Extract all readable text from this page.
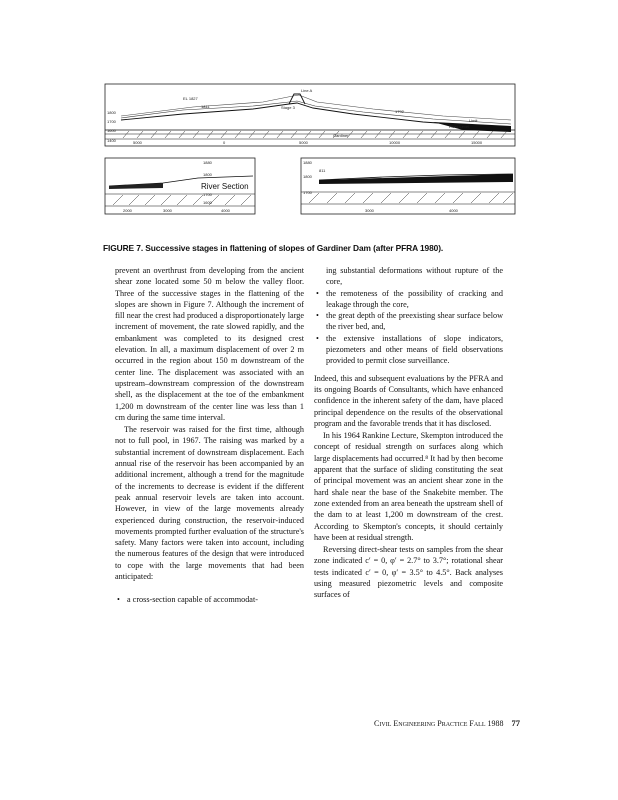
EL 1827
Line A
1811	Stage 3
1792
River Level
Gardiner
Limit
1800
1700
1600
1400	5000	0	5000	10000	15000
River Section
1880
1800
1700
1600
2000	3000	4000
811
1880
1800
1700
3000	4000
FIGURE 7. Successive stages in flattening of slopes of Gardiner Dam (after PFRA 1980).

prevent an overthrust from developing from the ancient shear zone located some 50 m below the valley floor. Three of the successive stages in the flattening of the slopes are shown in Figure 7. Although the increment of fill near the crest had produced a disproportionately large increment of movement, the rate slowed rapidly, and the embankment was completed to its designed crest elevation. In all, a maximum displacement of over 2 m occurred in the region about 150 m downstream of the center line. The displacement was associated with an upstream–downstream compression of the downstream shell, as the displacement at the toe of the embankment 1,200 m downstream of the center line was less than 1 cm during the same time interval.

The reservoir was raised for the first time, although not to full pool, in 1967. The raising was marked by a substantial increment of downstream displacement. Each annual rise of the reservoir has been accompanied by an additional increment, although a trend for the magnitude of the increments to decrease is evident if the different peak annual reservoir levels are taken into account. However, in view of the large movements already experienced during construction, the reservoir-induced movements prompted further evaluation of the structure's safety. Many factors were taken into account, including the numerous features of the design that were introduced to cope with the large movements that had been anticipated:

• a cross-section capable of accommodat-
ing substantial deformations without rupture of the core,
• the remoteness of the possibility of cracking and leakage through the core,
• the great depth of the preexisting shear surface below the river bed, and,
• the extensive installations of slope indicators, piezometers and other means of field observations provided to permit close surveillance.

Indeed, this and subsequent evaluations by the PFRA and its ongoing Boards of Consultants, which have enhanced confidence in the inherent safety of the dam, have placed principal dependence on the results of the observational program and the favorable trends that it has disclosed.

In his 1964 Rankine Lecture, Skempton introduced the concept of residual strength on surfaces along which large displacements had occurred.⁸ It had by then become apparent that the surface of sliding constituting the seat of principal movement was an ancient shear zone in the hard shale near the base of the Snakebite member. The zone extended from an area beneath the upstream shell of the dam to at least 1,200 m downstream of the crest. According to Skempton's concepts, it should certainly have been at residual strength.

Reversing direct-shear tests on samples from the shear zone indicated c′ = 0, φ′ = 2.7° to 3.7°; rotational shear tests indicated c′ = 0, φ′ = 3.5° to 4.5°. Back analyses using measured piezometric levels and composite surfaces of

Civil Engineering Practice Fall 1988 77
